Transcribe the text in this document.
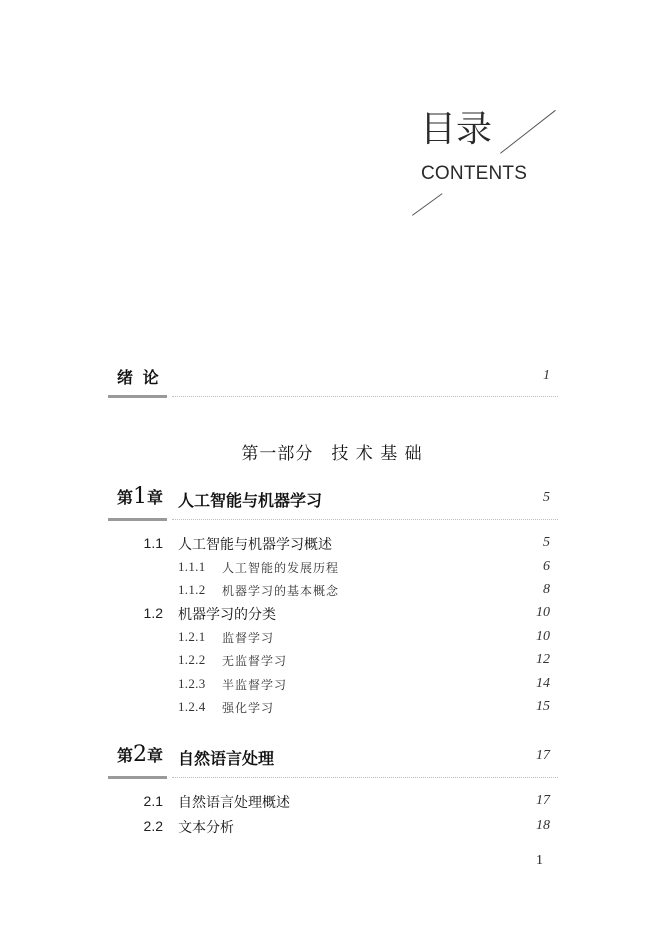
目录
CONTENTS
绪 论	1
第一部分　技 术 基 础
第1章 人工智能与机器学习	5
1.1 人工智能与机器学习概述	5
1.1.1 人工智能的发展历程	6
1.1.2 机器学习的基本概念	8
1.2 机器学习的分类	10
1.2.1 监督学习	10
1.2.2 无监督学习	12
1.2.3 半监督学习	14
1.2.4 强化学习	15
第2章 自然语言处理	17
2.1 自然语言处理概述	17
2.2 文本分析	18
1
